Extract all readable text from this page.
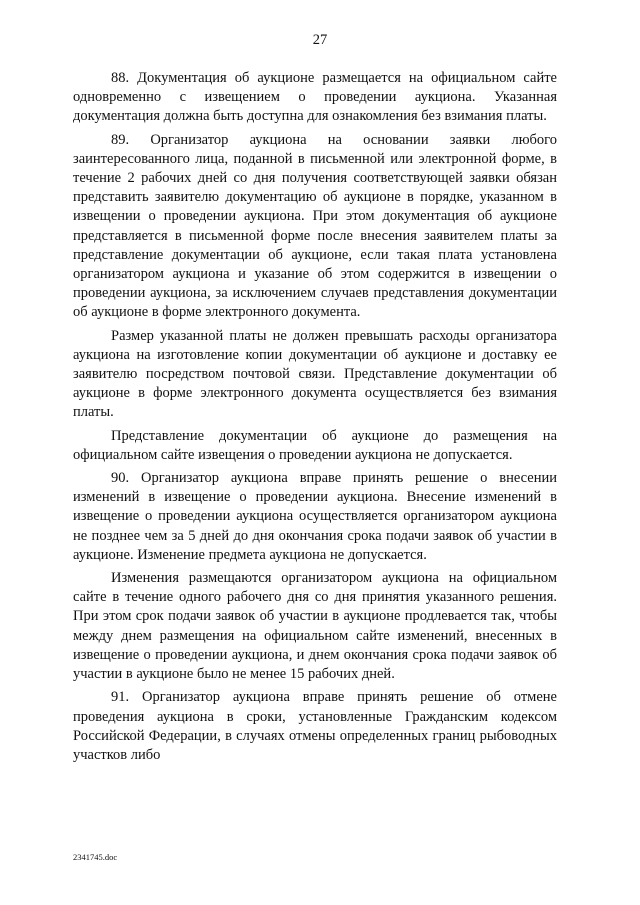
27

88. Документация об аукционе размещается на официальном сайте одновременно с извещением о проведении аукциона. Указанная документация должна быть доступна для ознакомления без взимания платы.

89. Организатор аукциона на основании заявки любого заинтересованного лица, поданной в письменной или электронной форме, в течение 2 рабочих дней со дня получения соответствующей заявки обязан представить заявителю документацию об аукционе в порядке, указанном в извещении о проведении аукциона. При этом документация об аукционе представляется в письменной форме после внесения заявителем платы за представление документации об аукционе, если такая плата установлена организатором аукциона и указание об этом содержится в извещении о проведении аукциона, за исключением случаев представления документации об аукционе в форме электронного документа.

Размер указанной платы не должен превышать расходы организатора аукциона на изготовление копии документации об аукционе и доставку ее заявителю посредством почтовой связи. Представление документации об аукционе в форме электронного документа осуществляется без взимания платы.

Представление документации об аукционе до размещения на официальном сайте извещения о проведении аукциона не допускается.

90. Организатор аукциона вправе принять решение о внесении изменений в извещение о проведении аукциона. Внесение изменений в извещение о проведении аукциона осуществляется организатором аукциона не позднее чем за 5 дней до дня окончания срока подачи заявок об участии в аукционе. Изменение предмета аукциона не допускается.

Изменения размещаются организатором аукциона на официальном сайте в течение одного рабочего дня со дня принятия указанного решения. При этом срок подачи заявок об участии в аукционе продлевается так, чтобы между днем размещения на официальном сайте изменений, внесенных в извещение о проведении аукциона, и днем окончания срока подачи заявок об участии в аукционе было не менее 15 рабочих дней.

91. Организатор аукциона вправе принять решение об отмене проведения аукциона в сроки, установленные Гражданским кодексом Российской Федерации, в случаях отмены определенных границ рыбоводных участков либо

2341745.doc
